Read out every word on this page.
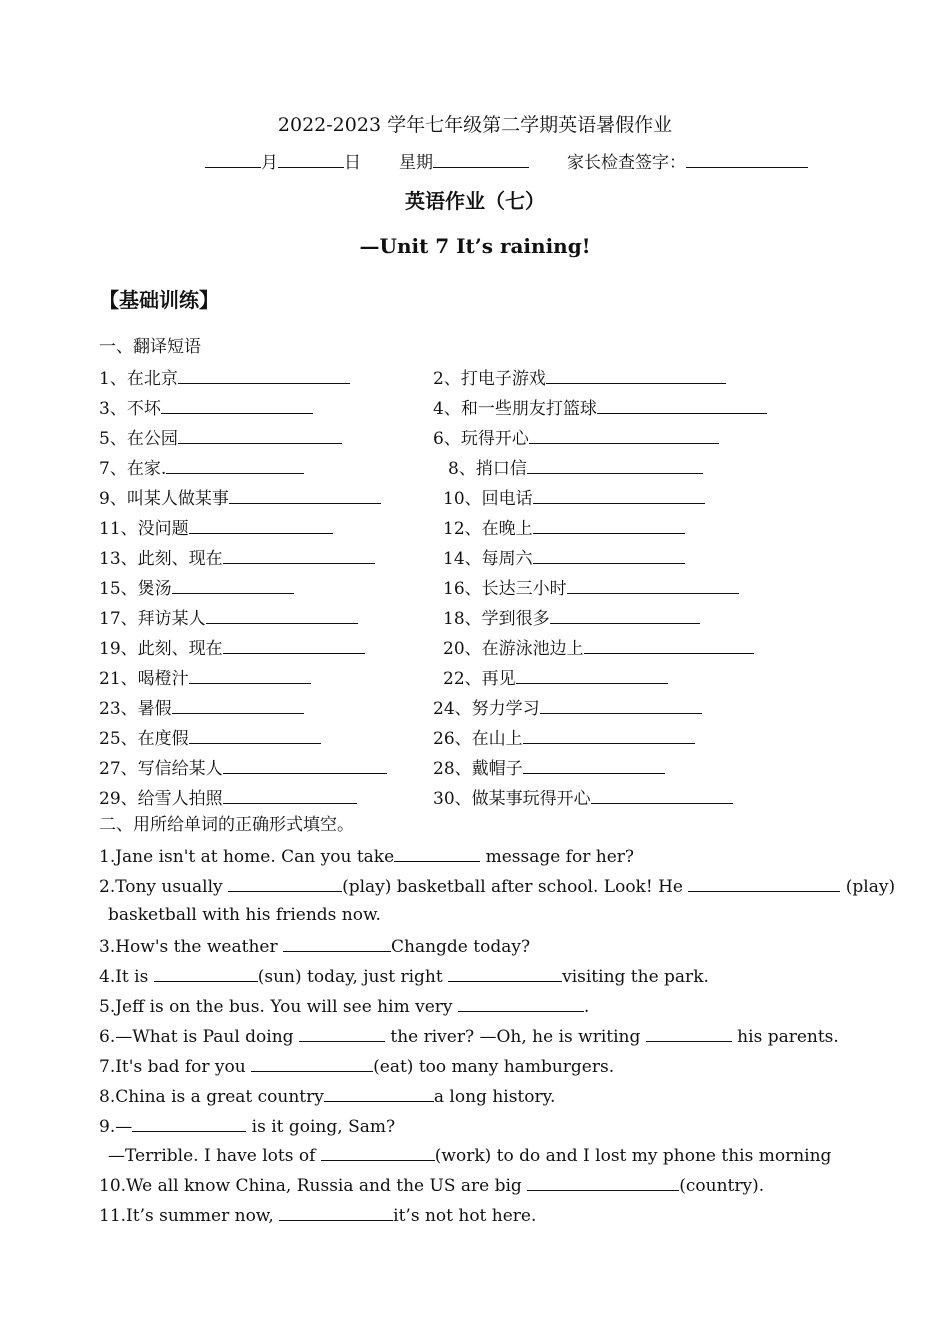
2022-2023 学年七年级第二学期英语暑假作业
月	日 星期	家长检查签字：
英语作业（七）
—Unit 7 It’s raining!
【基础训练】
一、翻译短语
1、在北京	2、打电子游戏
3、不坏	4、和一些朋友打篮球
5、在公园	6、玩得开心
7、在家.	8、捎口信
9、叫某人做某事	10、回电话
11、没问题	12、在晚上
13、此刻、现在	14、每周六
15、煲汤	16、长达三小时
17、拜访某人	18、学到很多
19、此刻、现在	20、在游泳池边上
21、喝橙汁	22、再见
23、暑假	24、努力学习
25、在度假	26、在山上
27、写信给某人	28、戴帽子
29、给雪人拍照	30、做某事玩得开心
二、用所给单词的正确形式填空。
1.Jane isn't at home. Can you take	message for her?
2.Tony usually	(play) basketball after school. Look! He	(play)
basketball with his friends now.
3.How's the weather	Changde today?
4.It is	(sun) today, just right	visiting the park.
5.Jeff is on the bus. You will see him very	.
6.—What is Paul doing	the river? —Oh, he is writing	his parents.
7.It's bad for you	(eat) too many hamburgers.
8.China is a great country	a long history.
9.—	is it going, Sam?
—Terrible. I have lots of	(work) to do and I lost my phone this morning
10.We all know China, Russia and the US are big	(country).
11.It’s summer now,	it’s not hot here.
